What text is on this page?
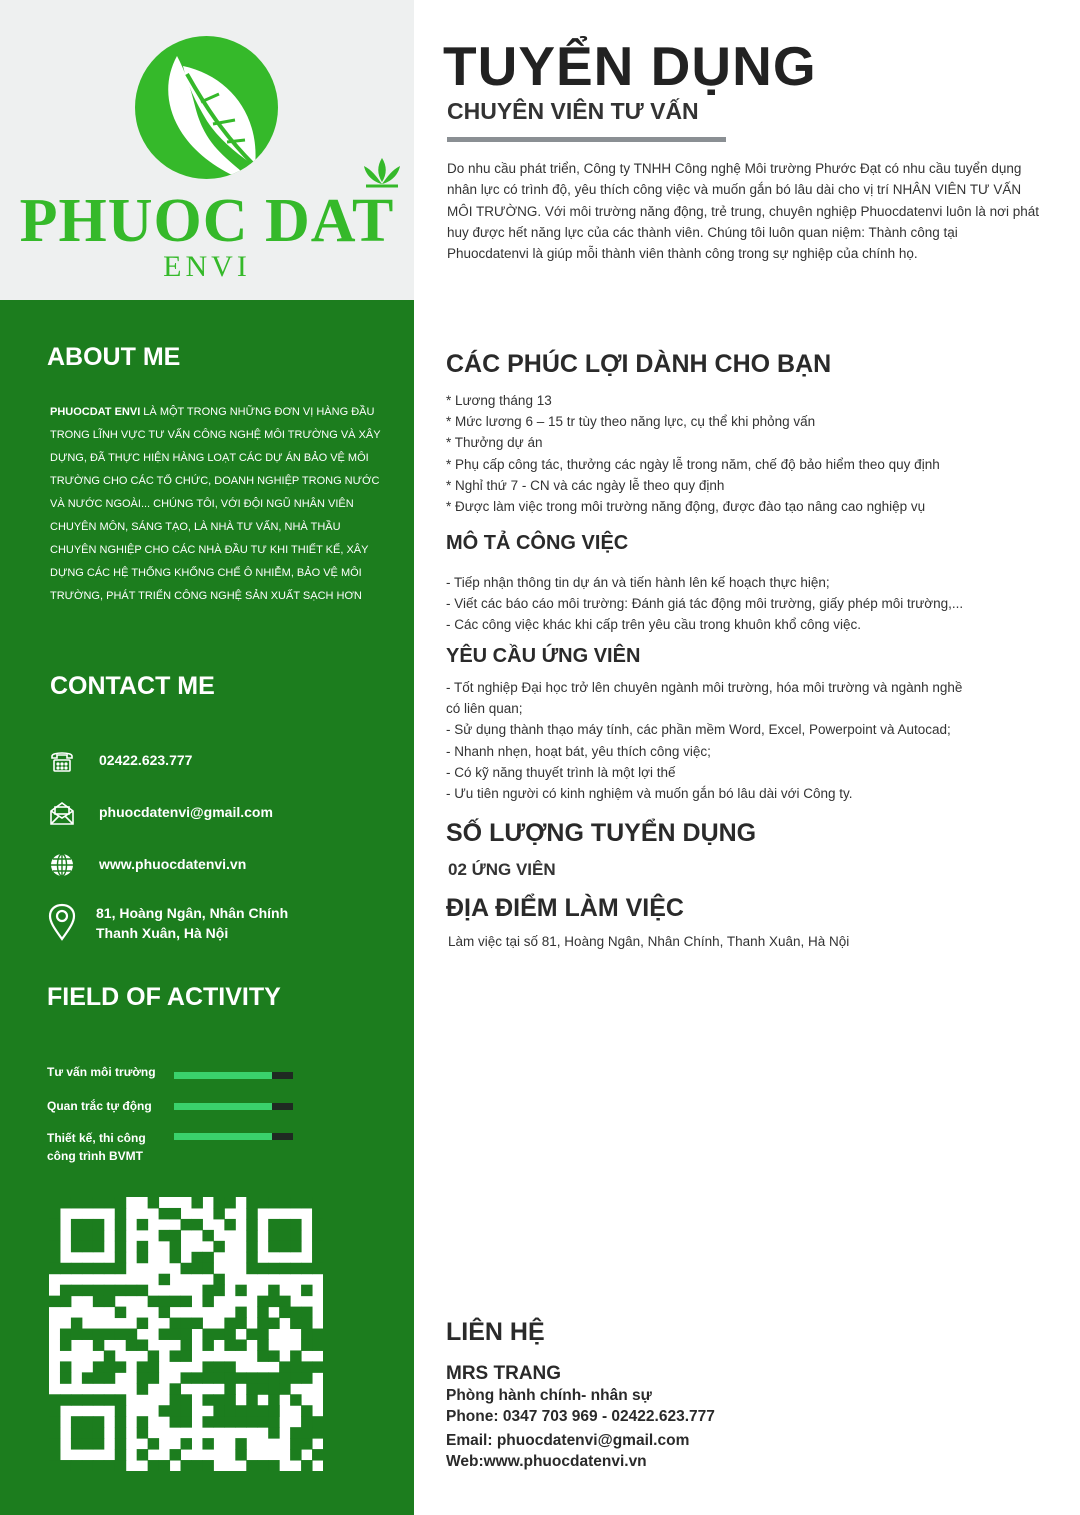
PHUOC DAT
ENVI
ABOUT ME
PHUOCDAT ENVI LÀ MỘT TRONG NHỮNG ĐƠN VỊ HÀNG ĐẦU TRONG LĨNH VỰC TƯ VẤN CÔNG NGHỆ MÔI TRƯỜNG VÀ XÂY DỰNG, ĐÃ THỰC HIỆN HÀNG LOẠT CÁC DỰ ÁN BẢO VỆ MÔI TRƯỜNG CHO CÁC TỔ CHỨC, DOANH NGHIỆP TRONG NƯỚC VÀ NƯỚC NGOÀI... CHÚNG TÔI, VỚI ĐỘI NGŨ NHÂN VIÊN CHUYÊN MÔN, SÁNG TẠO, LÀ NHÀ TƯ VẤN, NHÀ THẦU CHUYÊN NGHIỆP CHO CÁC NHÀ ĐẦU TƯ KHI THIẾT KẾ, XÂY DỰNG CÁC HỆ THỐNG KHỐNG CHẾ Ô NHIỄM, BẢO VỆ MÔI TRƯỜNG, PHÁT TRIỂN CÔNG NGHỆ SẢN XUẤT SẠCH HƠN
CONTACT ME
02422.623.777
phuocdatenvi@gmail.com
www.phuocdatenvi.vn
81, Hoàng Ngân, Nhân Chính
Thanh Xuân, Hà Nội
FIELD OF ACTIVITY
Tư vấn môi trường
Quan trắc tự động
Thiết kế, thi công
công trình BVMT
TUYỂN DỤNG
CHUYÊN VIÊN TƯ VẤN
Do nhu cầu phát triển, Công ty TNHH Công nghệ Môi trường Phước Đạt có nhu cầu tuyển dụng nhân lực có trình độ, yêu thích công việc và muốn gắn bó lâu dài cho vị trí NHÂN VIÊN TƯ VẤN MÔI TRƯỜNG. Với môi trường năng động, trẻ trung, chuyên nghiệp Phuocdatenvi luôn là nơi phát huy được hết năng lực của các thành viên. Chúng tôi luôn quan niệm: Thành công tại Phuocdatenvi là giúp mỗi thành viên thành công trong sự nghiệp của chính họ.
CÁC PHÚC LỢI DÀNH CHO BẠN
* Lương tháng 13
* Mức lương 6 – 15 tr tùy theo năng lực, cụ thể khi phỏng vấn
* Thưởng dự án
* Phụ cấp công tác, thưởng các ngày lễ trong năm, chế độ bảo hiểm theo quy định
* Nghỉ thứ 7 - CN và các ngày lễ theo quy định
* Được làm việc trong môi trường năng động, được đào tạo nâng cao nghiệp vụ
MÔ TẢ CÔNG VIỆC
- Tiếp nhận thông tin dự án và tiến hành lên kế hoạch thực hiện;
- Viết các báo cáo môi trường: Đánh giá tác động môi trường, giấy phép môi trường,...
- Các công việc khác khi cấp trên yêu cầu trong khuôn khổ công việc.
YÊU CẦU ỨNG VIÊN
- Tốt nghiệp Đại học trở lên chuyên ngành môi trường, hóa môi trường và ngành nghề
có liên quan;
- Sử dụng thành thạo máy tính, các phần mềm Word, Excel, Powerpoint và Autocad;
- Nhanh nhẹn, hoạt bát, yêu thích công việc;
- Có kỹ năng thuyết trình là một lợi thế
- Ưu tiên người có kinh nghiệm và muốn gắn bó lâu dài với Công ty.
SỐ LƯỢNG TUYỂN DỤNG
02 ỨNG VIÊN
ĐỊA ĐIỂM LÀM VIỆC
Làm việc tại số 81, Hoàng Ngân, Nhân Chính, Thanh Xuân, Hà Nội
LIÊN HỆ
MRS TRANG
Phòng hành chính- nhân sự
Phone: 0347 703 969 - 02422.623.777
Email: phuocdatenvi@gmail.com
Web:www.phuocdatenvi.vn
